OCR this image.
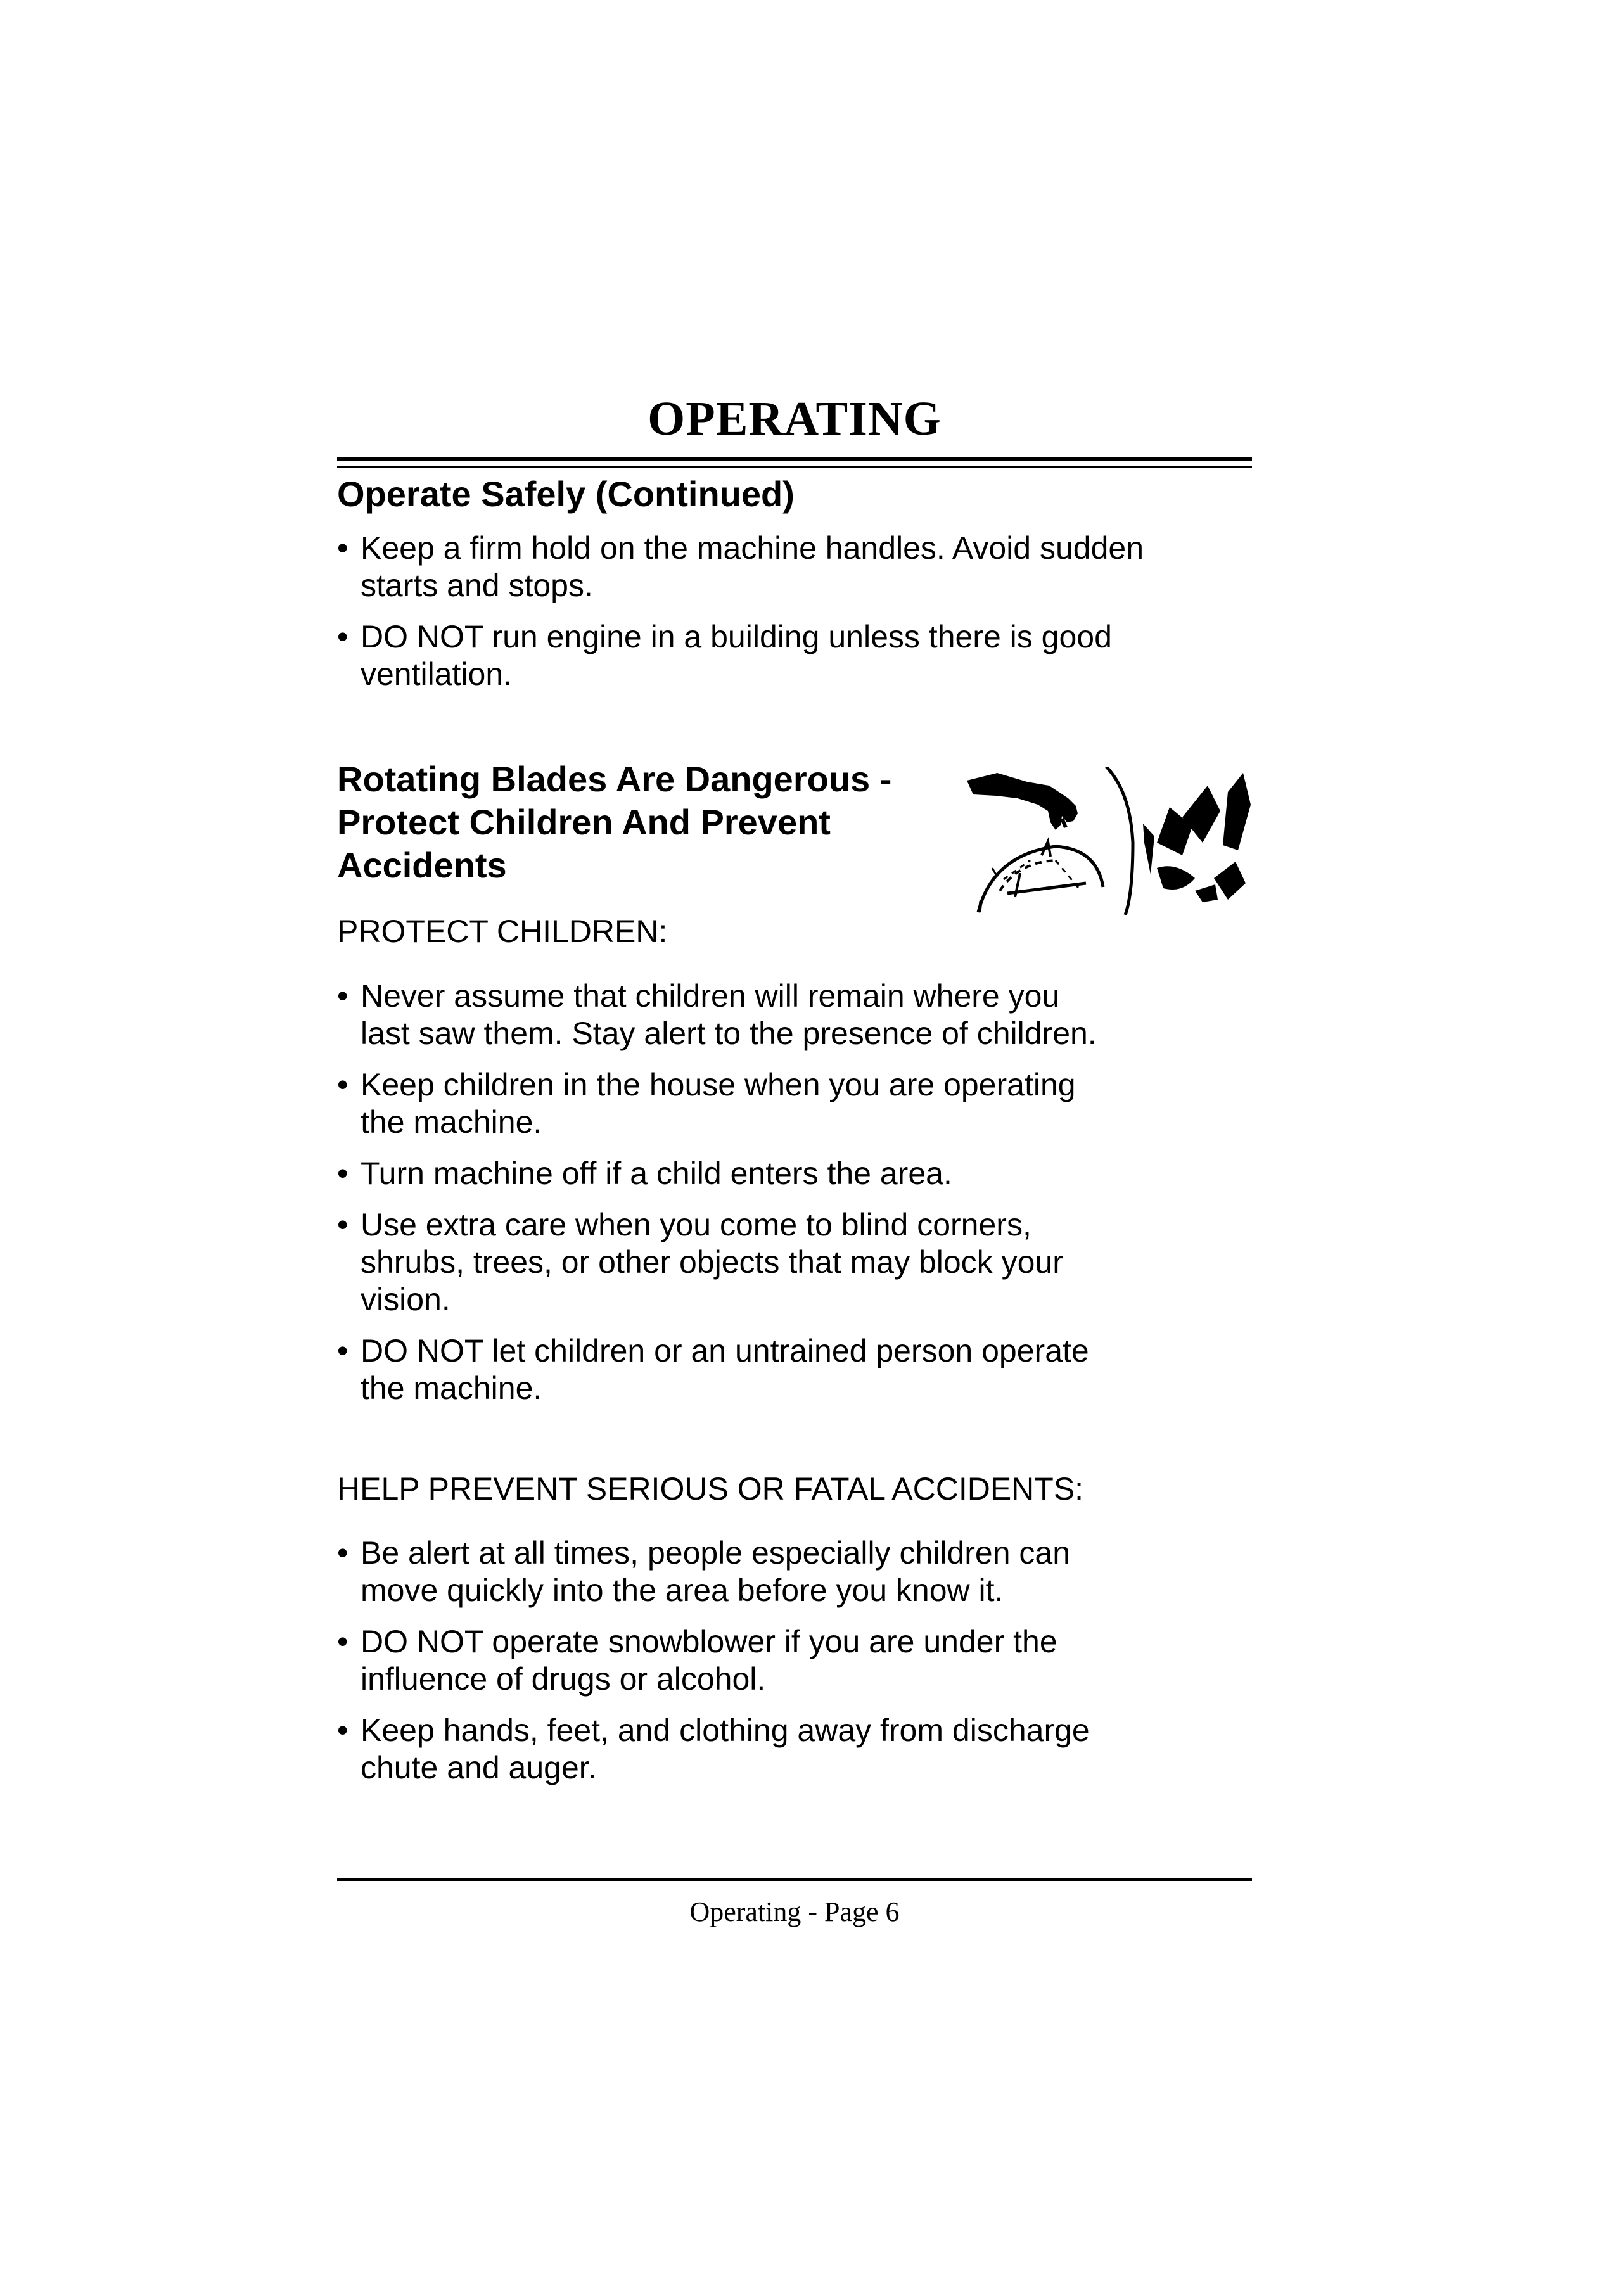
OPERATING
Operate Safely (Continued)
• Keep a firm hold on the machine handles. Avoid sudden
starts and stops.
• DO NOT run engine in a building unless there is good
ventilation.
Rotating Blades Are Dangerous -
Protect Children And Prevent
Accidents

PROTECT CHILDREN:

• Never assume that children will remain where you
last saw them. Stay alert to the presence of children.
• Keep children in the house when you are operating
the machine.
• Turn machine off if a child enters the area.
• Use extra care when you come to blind corners,
shrubs, trees, or other objects that may block your
vision.
• DO NOT let children or an untrained person operate
the machine.

HELP PREVENT SERIOUS OR FATAL ACCIDENTS:

• Be alert at all times, people especially children can
move quickly into the area before you know it.
• DO NOT operate snowblower if you are under the
influence of drugs or alcohol.
• Keep hands, feet, and clothing away from discharge
chute and auger.

Operating - Page 6
